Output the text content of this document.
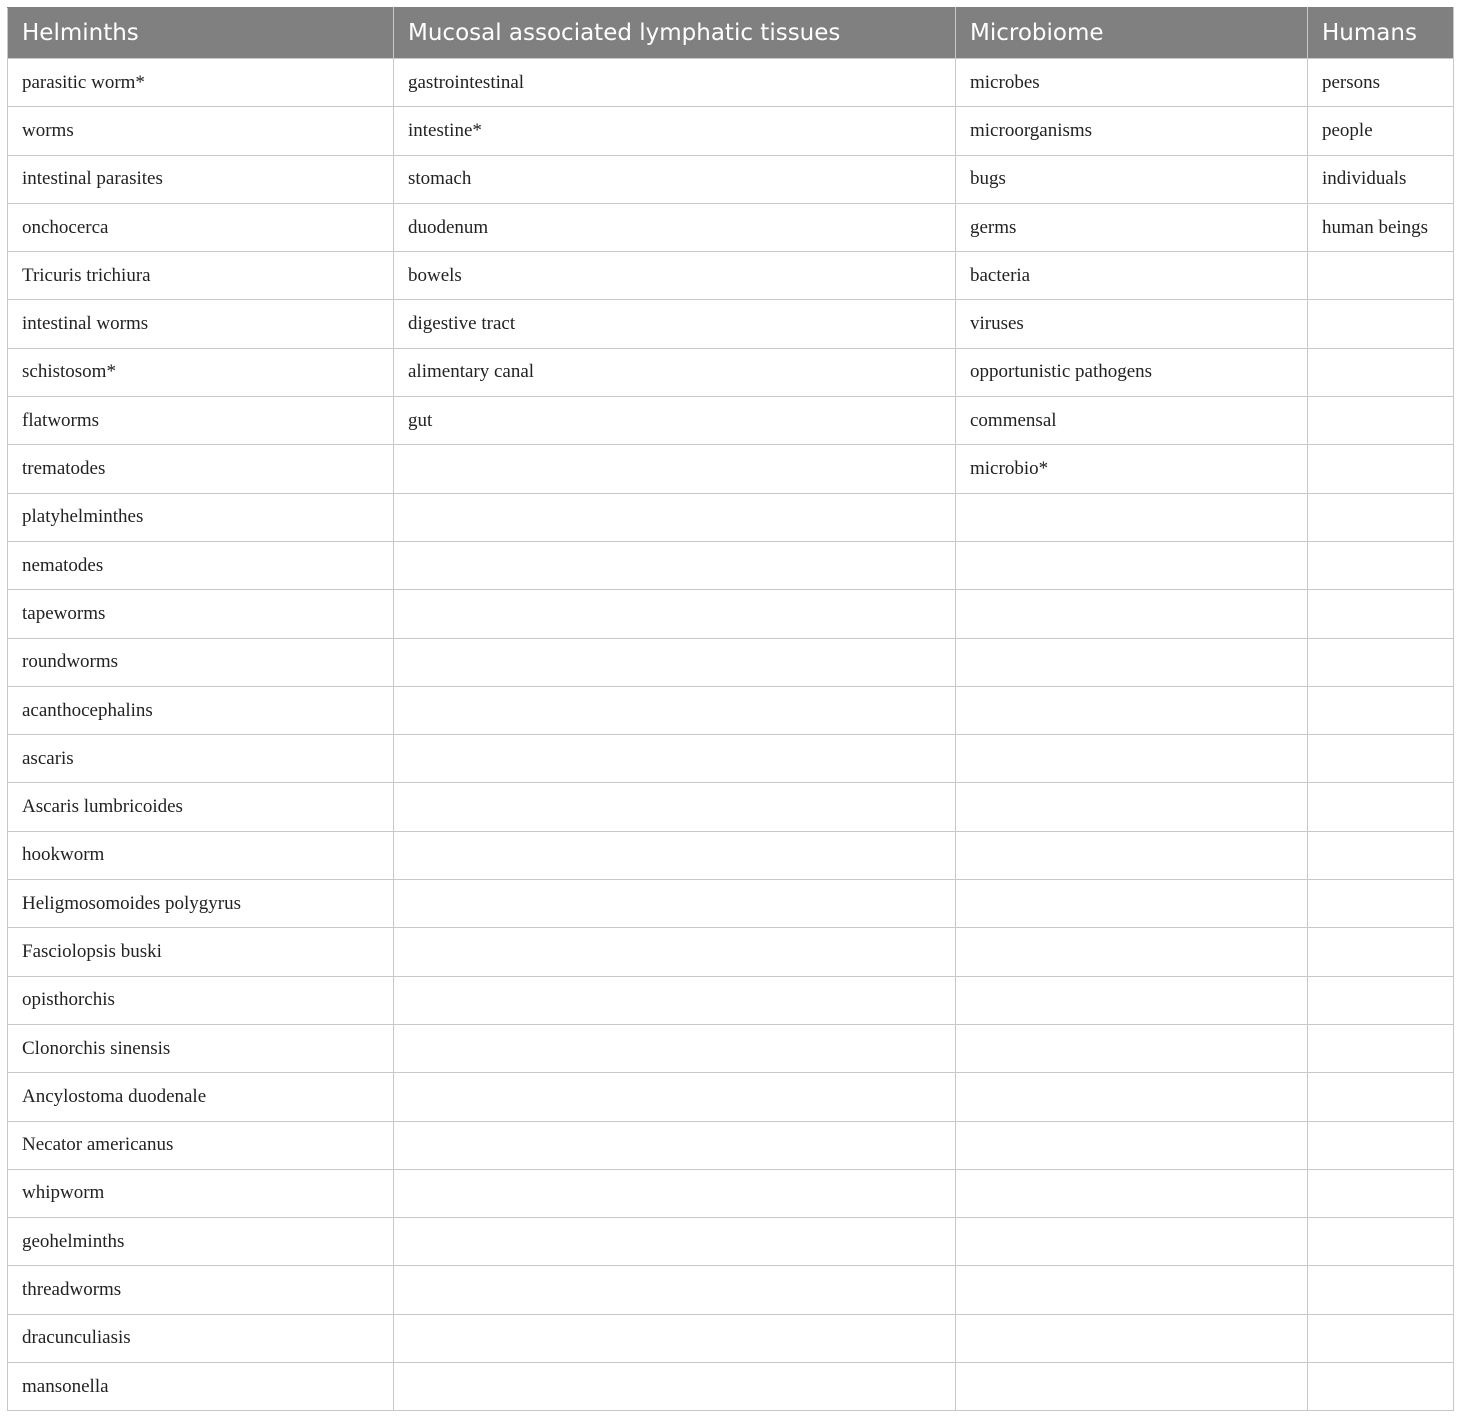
Helminths	Mucosal associated lymphatic tissues	Microbiome	Humans
parasitic worm*	gastrointestinal	microbes	persons
worms	intestine*	microorganisms	people
intestinal parasites	stomach	bugs	individuals
onchocerca	duodenum	germs	human beings
Tricuris trichiura	bowels	bacteria	
intestinal worms	digestive tract	viruses	
schistosom*	alimentary canal	opportunistic pathogens	
flatworms	gut	commensal	
trematodes		microbio*	
platyhelminthes			
nematodes			
tapeworms			
roundworms			
acanthocephalins			
ascaris			
Ascaris lumbricoides			
hookworm			
Heligmosomoides polygyrus			
Fasciolopsis buski			
opisthorchis			
Clonorchis sinensis			
Ancylostoma duodenale			
Necator americanus			
whipworm			
geohelminths			
threadworms			
dracunculiasis			
mansonella			
